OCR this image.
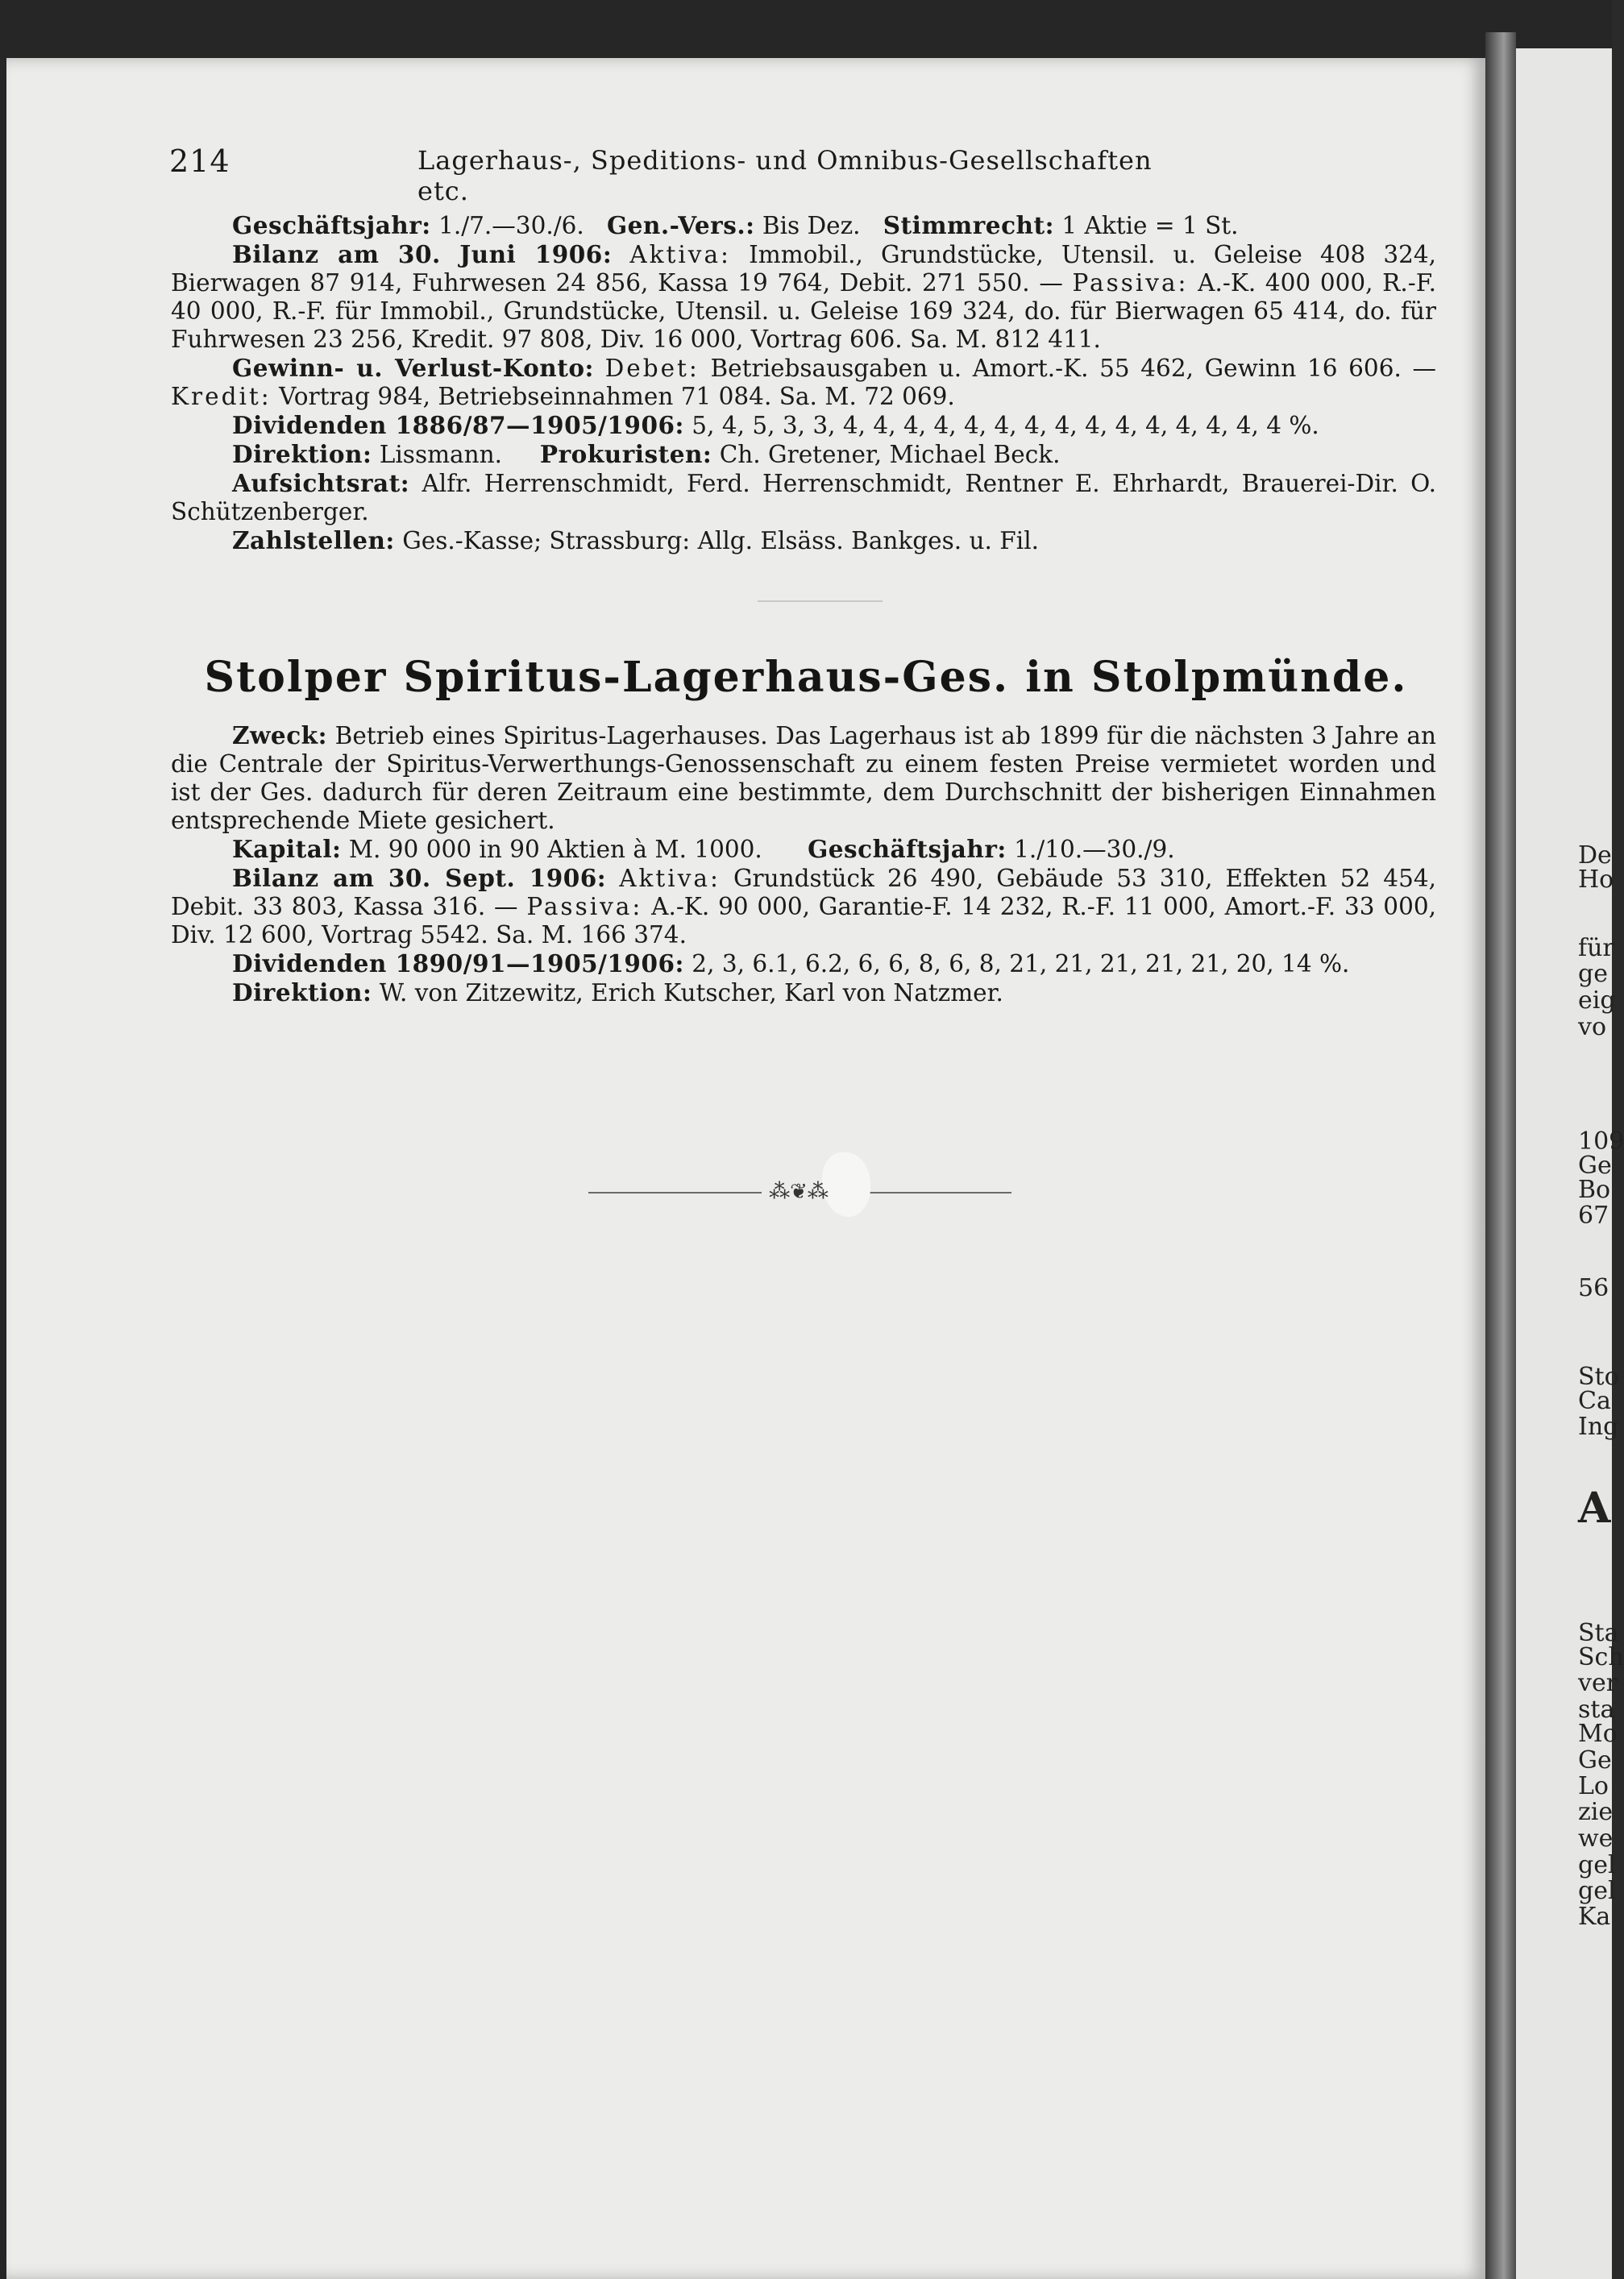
214	Lagerhaus-, Speditions- und Omnibus-Gesellschaften etc.

Geschäftsjahr: 1./7.—30./6. Gen.-Vers.: Bis Dez. Stimmrecht: 1 Aktie = 1 St.

Bilanz am 30. Juni 1906: Aktiva: Immobil., Grundstücke, Utensil. u. Geleise 408 324, Bierwagen 87 914, Fuhrwesen 24 856, Kassa 19 764, Debit. 271 550. — Passiva: A.-K. 400 000, R.-F. 40 000, R.-F. für Immobil., Grundstücke, Utensil. u. Geleise 169 324, do. für Bierwagen 65 414, do. für Fuhrwesen 23 256, Kredit. 97 808, Div. 16 000, Vortrag 606. Sa. M. 812 411.

Gewinn- u. Verlust-Konto: Debet: Betriebsausgaben u. Amort.-K. 55 462, Gewinn 16 606. — Kredit: Vortrag 984, Betriebseinnahmen 71 084. Sa. M. 72 069.

Dividenden 1886/87—1905/1906: 5, 4, 5, 3, 3, 4, 4, 4, 4, 4, 4, 4, 4, 4, 4, 4, 4, 4, 4, 4 %.

Direktion: Lissmann. Prokuristen: Ch. Gretener, Michael Beck.

Aufsichtsrat: Alfr. Herrenschmidt, Ferd. Herrenschmidt, Rentner E. Ehrhardt, Brauerei-Dir. O. Schützenberger.

Zahlstellen: Ges.-Kasse; Strassburg: Allg. Elsäss. Bankges. u. Fil.

Stolper Spiritus-Lagerhaus-Ges. in Stolpmünde.

Zweck: Betrieb eines Spiritus-Lagerhauses. Das Lagerhaus ist ab 1899 für die nächsten 3 Jahre an die Centrale der Spiritus-Verwerthungs-Genossenschaft zu einem festen Preise vermietet worden und ist der Ges. dadurch für deren Zeitraum eine bestimmte, dem Durchschnitt der bisherigen Einnahmen entsprechende Miete gesichert.

Kapital: M. 90 000 in 90 Aktien à M. 1000. Geschäftsjahr: 1./10.—30./9.

Bilanz am 30. Sept. 1906: Aktiva: Grundstück 26 490, Gebäude 53 310, Effekten 52 454, Debit. 33 803, Kassa 316. — Passiva: A.-K. 90 000, Garantie-F. 14 232, R.-F. 11 000, Amort.-F. 33 000, Div. 12 600, Vortrag 5542. Sa. M. 166 374.

Dividenden 1890/91—1905/1906: 2, 3, 6.1, 6.2, 6, 6, 8, 6, 8, 21, 21, 21, 21, 21, 20, 14 %.

Direktion: W. von Zitzewitz, Erich Kutscher, Karl von Natzmer.

⁂❦⁂
De
Ho
für
ge
eig
vo
109
Ge
Bo
67
56
Sto
Ca
Ing
A
Sta
Sch
ver
sta
Mo
Ge
Lo
zie
we
gel
gel
Ka
